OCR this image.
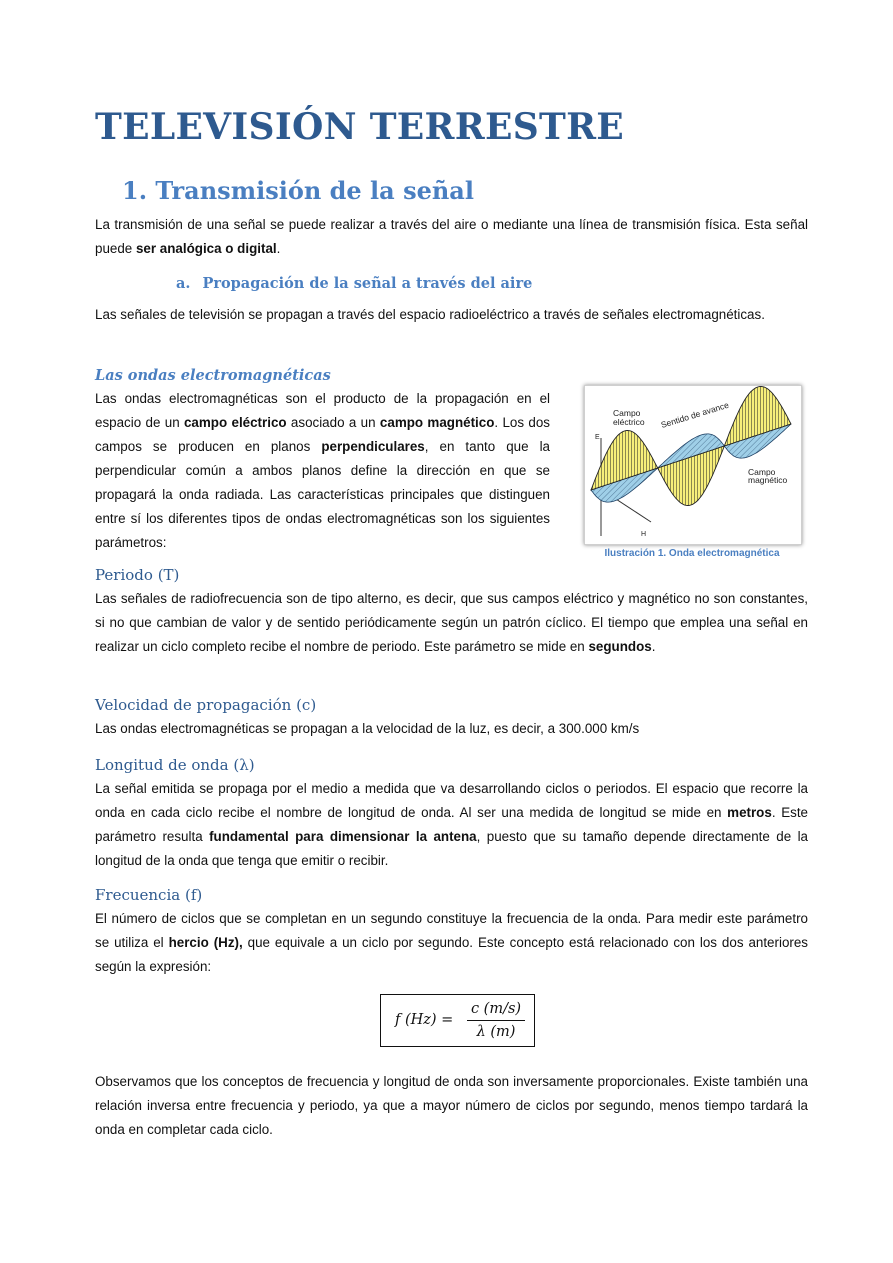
TELEVISIÓN TERRESTRE
1. Transmisión de la señal

La transmisión de una señal se puede realizar a través del aire o mediante una línea de transmisión física. Esta señal puede ser analógica o digital.

a. Propagación de la señal a través del aire

Las señales de televisión se propagan a través del espacio radioeléctrico a través de señales electromagnéticas.

Las ondas electromagnéticas

Las ondas electromagnéticas son el producto de la propagación en el espacio de un campo eléctrico asociado a un campo magnético. Los dos campos se producen en planos perpendiculares, en tanto que la perpendicular común a ambos planos define la dirección en que se propagará la onda radiada. Las características principales que distinguen entre sí los diferentes tipos de ondas electromagnéticas son los siguientes parámetros:

E
H
Campo
eléctrico Sentido de avance
Campo
magnético

Ilustración 1. Onda electromagnética

Periodo (T)

Las señales de radiofrecuencia son de tipo alterno, es decir, que sus campos eléctrico y magnético no son constantes, si no que cambian de valor y de sentido periódicamente según un patrón cíclico. El tiempo que emplea una señal en realizar un ciclo completo recibe el nombre de periodo. Este parámetro se mide en segundos.

Velocidad de propagación (c)

Las ondas electromagnéticas se propagan a la velocidad de la luz, es decir, a 300.000 km/s

Longitud de onda (λ)

La señal emitida se propaga por el medio a medida que va desarrollando ciclos o periodos. El espacio que recorre la onda en cada ciclo recibe el nombre de longitud de onda. Al ser una medida de longitud se mide en metros. Este parámetro resulta fundamental para dimensionar la antena, puesto que su tamaño depende directamente de la longitud de la onda que tenga que emitir o recibir.

Frecuencia (f)

El número de ciclos que se completan en un segundo constituye la frecuencia de la onda. Para medir este parámetro se utiliza el hercio (Hz), que equivale a un ciclo por segundo. Este concepto está relacionado con los dos anteriores según la expresión:

f (Hz) =
c (m/s)
λ (m)

Observamos que los conceptos de frecuencia y longitud de onda son inversamente proporcionales. Existe también una relación inversa entre frecuencia y periodo, ya que a mayor número de ciclos por segundo, menos tiempo tardará la onda en completar cada ciclo.
